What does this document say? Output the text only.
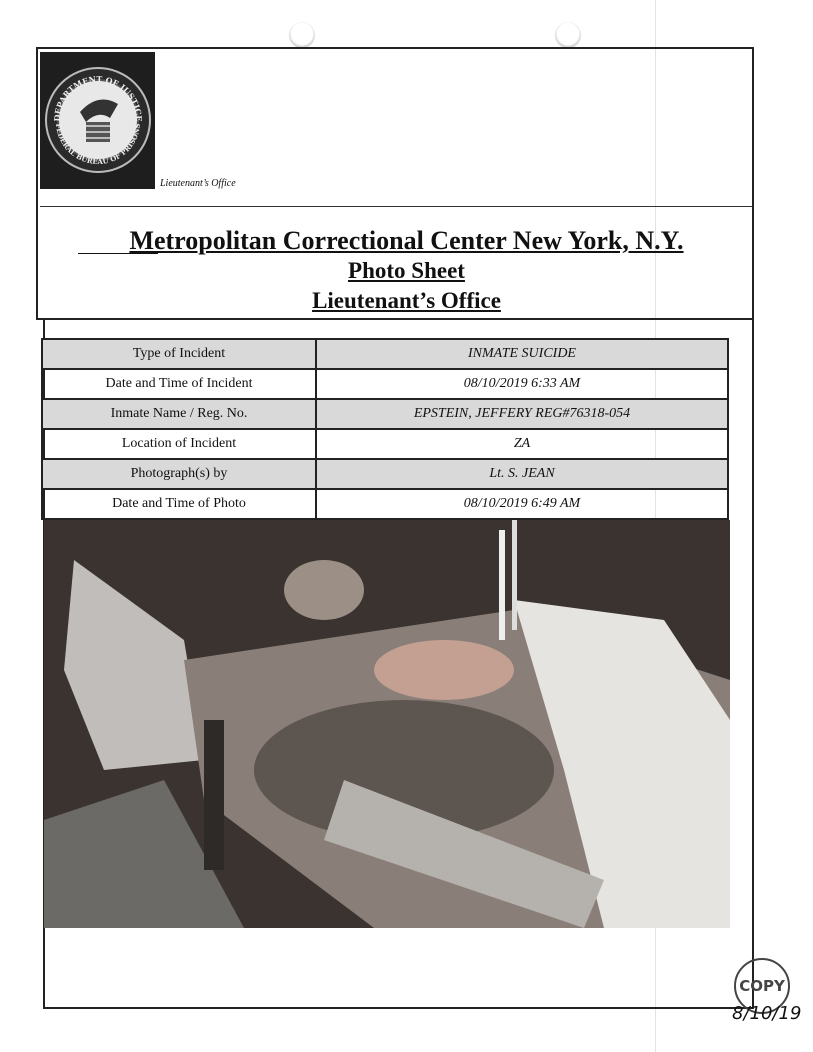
DEPARTMENT OF JUSTICE
FEDERAL BUREAU OF PRISONS
Lieutenant’s Office
Metropolitan Correctional Center New York, N.Y.
Photo Sheet
Lieutenant’s Office
Type of Incident	INMATE SUICIDE
Date and Time of Incident	08/10/2019 6:33 AM
Inmate Name / Reg. No.	EPSTEIN, JEFFERY REG#76318-054
Location of Incident	ZA
Photograph(s) by	Lt. S. JEAN
Date and Time of Photo	08/10/2019 6:49 AM
COPY
8/10/19
